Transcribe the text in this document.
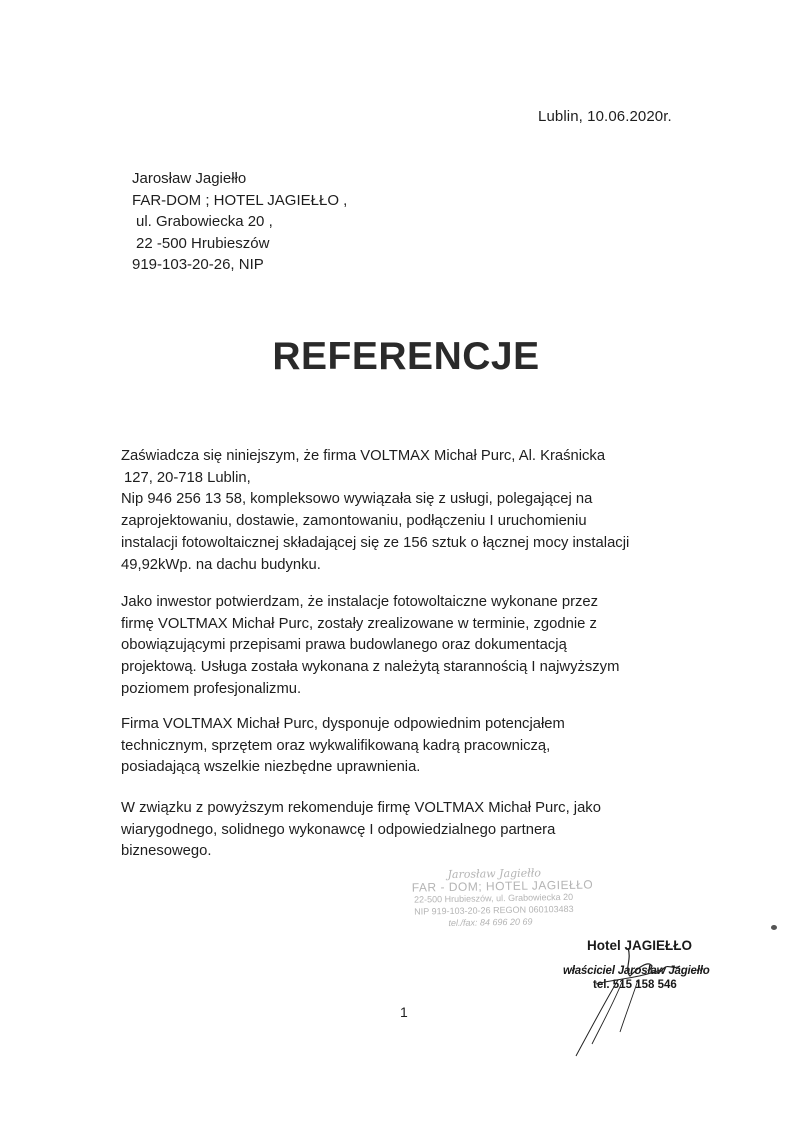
Lublin, 10.06.2020r.
Jarosław Jagiełło
FAR-DOM ; HOTEL JAGIEŁŁO ,
ul. Grabowiecka 20 ,
22 -500 Hrubieszów
919-103-20-26, NIP
REFERENCJE
Zaświadcza się niniejszym, że firma VOLTMAX Michał Purc, Al. Kraśnicka
127, 20-718 Lublin,
Nip 946 256 13 58, kompleksowo wywiązała się z usługi, polegającej na
zaprojektowaniu, dostawie, zamontowaniu, podłączeniu I uruchomieniu
instalacji fotowoltaicznej składającej się ze 156 sztuk o łącznej mocy instalacji
49,92kWp. na dachu budynku.
Jako inwestor potwierdzam, że instalacje fotowoltaiczne wykonane przez
firmę VOLTMAX Michał Purc, zostały zrealizowane w terminie, zgodnie z
obowiązującymi przepisami prawa budowlanego oraz dokumentacją
projektową. Usługa została wykonana z należytą starannością I najwyższym
poziomem profesjonalizmu.
Firma VOLTMAX Michał Purc, dysponuje odpowiednim potencjałem
technicznym, sprzętem oraz wykwalifikowaną kadrą pracowniczą,
posiadającą wszelkie niezbędne uprawnienia.
W związku z powyższym rekomenduje firmę VOLTMAX Michał Purc, jako
wiarygodnego, solidnego wykonawcę I odpowiedzialnego partnera
biznesowego.
Jarosław Jagiełło
FAR - DOM; HOTEL JAGIEŁŁO
22-500 Hrubieszów, ul. Grabowiecka 20
NIP 919-103-20-26 REGON 060103483
tel./fax: 84 696 20 69
Hotel JAGIEŁŁO
właściciel Jarosław Jagiełło
tel. 515 158 546
1
